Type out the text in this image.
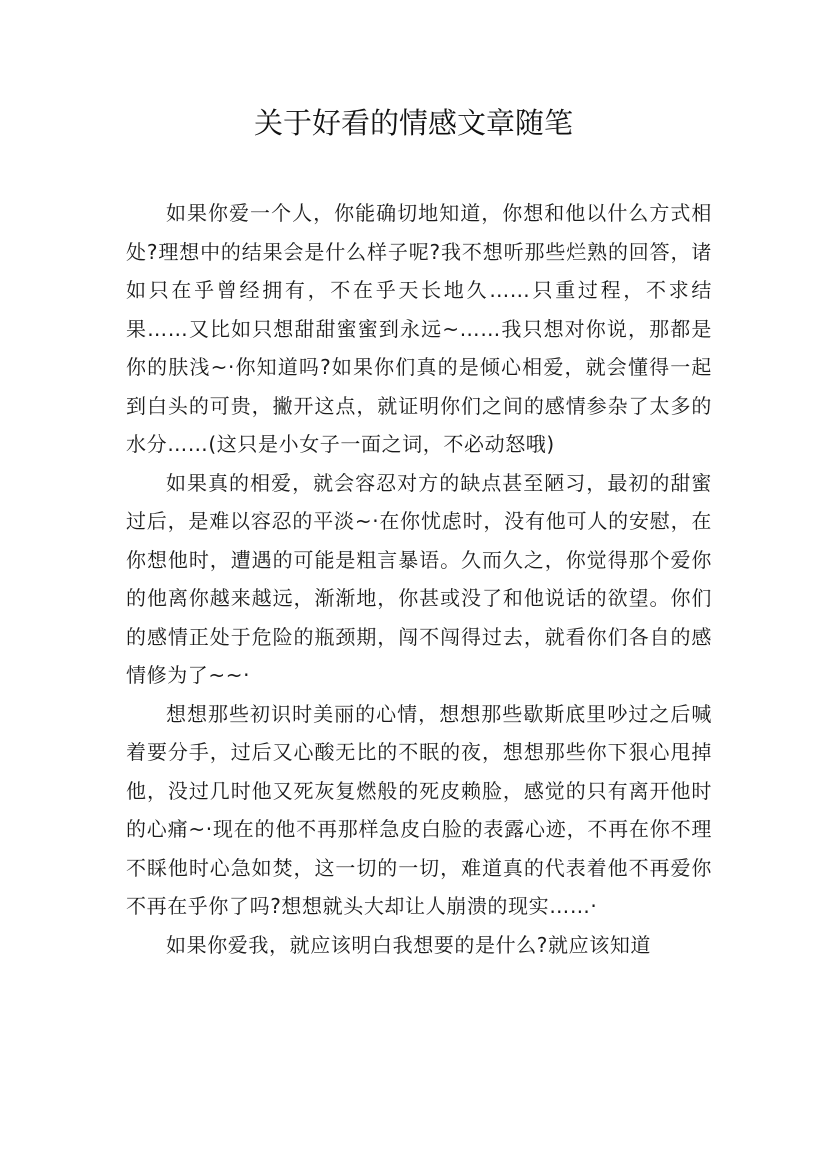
关于好看的情感文章随笔

如果你爱一个人，你能确切地知道，你想和他以什么方式相处?理想中的结果会是什么样子呢?我不想听那些烂熟的回答，诸如只在乎曾经拥有，不在乎天长地久……只重过程，不求结果……又比如只想甜甜蜜蜜到永远~……我只想对你说，那都是你的肤浅~·你知道吗?如果你们真的是倾心相爱，就会懂得一起到白头的可贵，撇开这点，就证明你们之间的感情参杂了太多的水分……(这只是小女子一面之词，不必动怒哦)

如果真的相爱，就会容忍对方的缺点甚至陋习，最初的甜蜜过后，是难以容忍的平淡~·在你忧虑时，没有他可人的安慰，在你想他时，遭遇的可能是粗言暴语。久而久之，你觉得那个爱你的他离你越来越远，渐渐地，你甚或没了和他说话的欲望。你们的感情正处于危险的瓶颈期，闯不闯得过去，就看你们各自的感情修为了~~·

想想那些初识时美丽的心情，想想那些歇斯底里吵过之后喊着要分手，过后又心酸无比的不眠的夜，想想那些你下狠心甩掉他，没过几时他又死灰复燃般的死皮赖脸，感觉的只有离开他时的心痛~·现在的他不再那样急皮白脸的表露心迹，不再在你不理不睬他时心急如焚，这一切的一切，难道真的代表着他不再爱你不再在乎你了吗?想想就头大却让人崩溃的现实……·

如果你爱我，就应该明白我想要的是什么?就应该知道
